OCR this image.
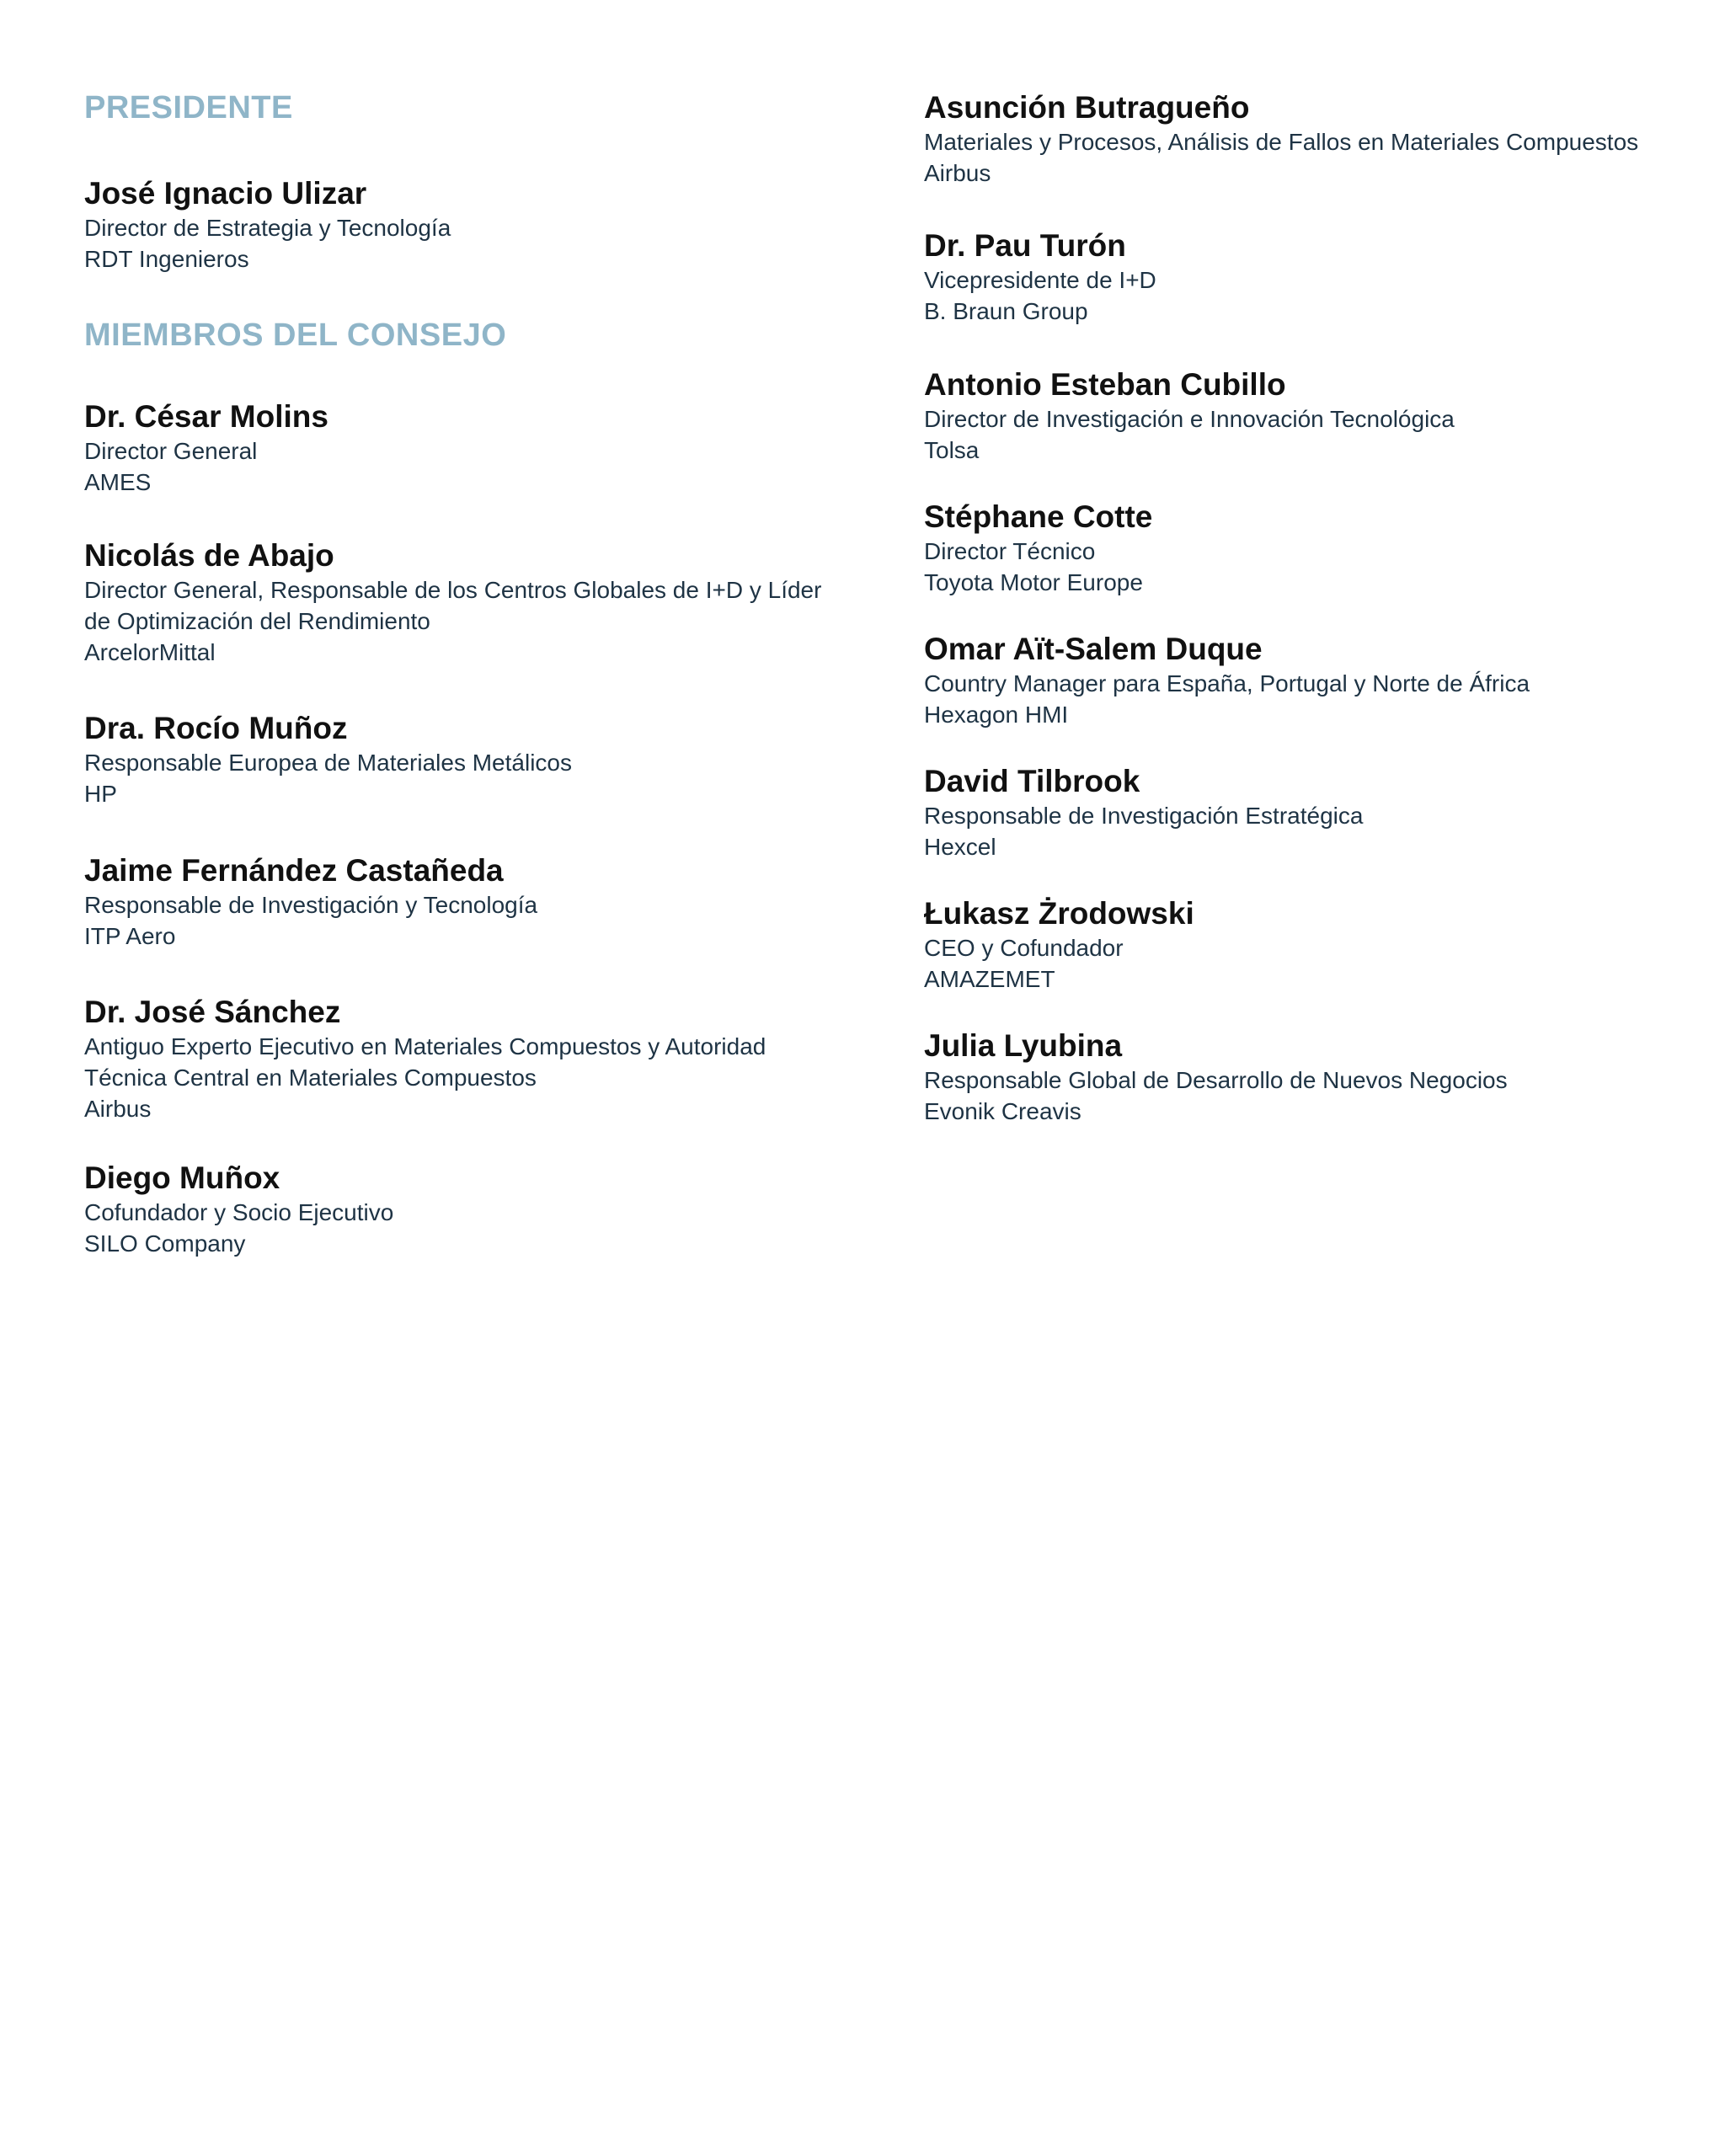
PRESIDENTE
José Ignacio Ulizar
Director de Estrategia y Tecnología
RDT Ingenieros
MIEMBROS DEL CONSEJO
Dr. César Molins
Director General
AMES
Nicolás de Abajo
Director General, Responsable de los Centros Globales de I+D y Líder de Optimización del Rendimiento
ArcelorMittal
Dra. Rocío Muñoz
Responsable Europea de Materiales Metálicos
HP
Jaime Fernández Castañeda
Responsable de Investigación y Tecnología
ITP Aero
Dr. José Sánchez
Antiguo Experto Ejecutivo en Materiales Compuestos y Autoridad Técnica Central en Materiales Compuestos
Airbus
Diego Muñox
Cofundador y Socio Ejecutivo
SILO Company
Asunción Butragueño
Materiales y Procesos, Análisis de Fallos en Materiales Compuestos
Airbus
Dr. Pau Turón
Vicepresidente de I+D
B. Braun Group
Antonio Esteban Cubillo
Director de Investigación e Innovación Tecnológica
Tolsa
Stéphane Cotte
Director Técnico
Toyota Motor Europe
Omar Aït-Salem Duque
Country Manager para España, Portugal y Norte de África
Hexagon HMI
David Tilbrook
Responsable de Investigación Estratégica
Hexcel
Łukasz Żrodowski
CEO y Cofundador
AMAZEMET
Julia Lyubina
Responsable Global de Desarrollo de Nuevos Negocios
Evonik Creavis
